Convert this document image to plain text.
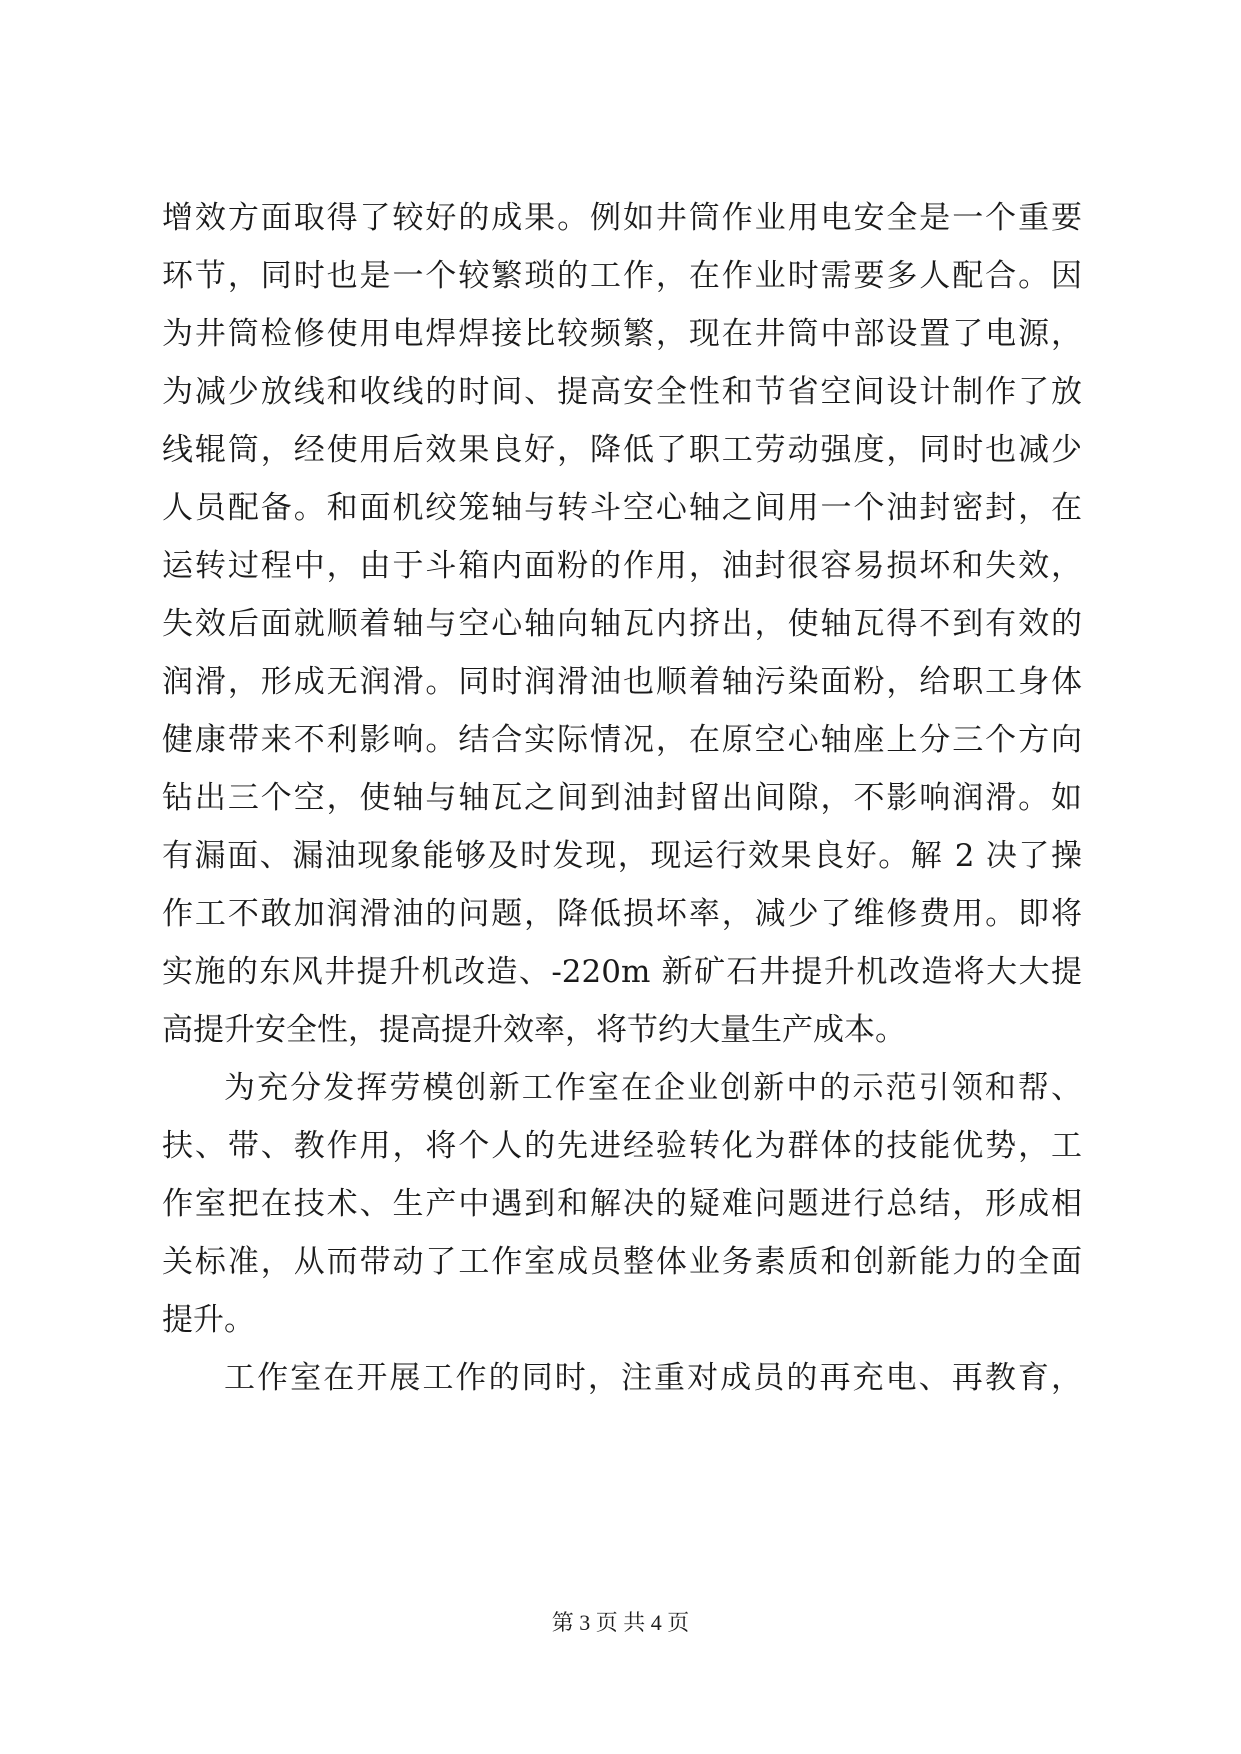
增效方面取得了较好的成果。例如井筒作业用电安全是一个重要
环节，同时也是一个较繁琐的工作，在作业时需要多人配合。因
为井筒检修使用电焊焊接比较频繁，现在井筒中部设置了电源，
为减少放线和收线的时间、提高安全性和节省空间设计制作了放
线辊筒，经使用后效果良好，降低了职工劳动强度，同时也减少
人员配备。和面机绞笼轴与转斗空心轴之间用一个油封密封，在
运转过程中，由于斗箱内面粉的作用，油封很容易损坏和失效，
失效后面就顺着轴与空心轴向轴瓦内挤出，使轴瓦得不到有效的
润滑，形成无润滑。同时润滑油也顺着轴污染面粉，给职工身体
健康带来不利影响。结合实际情况，在原空心轴座上分三个方向
钻出三个空，使轴与轴瓦之间到油封留出间隙，不影响润滑。如
有漏面、漏油现象能够及时发现，现运行效果良好。解 2 决了操
作工不敢加润滑油的问题，降低损坏率，减少了维修费用。即将
实施的东风井提升机改造、-220m 新矿石井提升机改造将大大提
高提升安全性，提高提升效率，将节约大量生产成本。
为充分发挥劳模创新工作室在企业创新中的示范引领和帮、
扶、带、教作用，将个人的先进经验转化为群体的技能优势，工
作室把在技术、生产中遇到和解决的疑难问题进行总结，形成相
关标准，从而带动了工作室成员整体业务素质和创新能力的全面
提升。
工作室在开展工作的同时，注重对成员的再充电、再教育，
第 3 页 共 4 页
